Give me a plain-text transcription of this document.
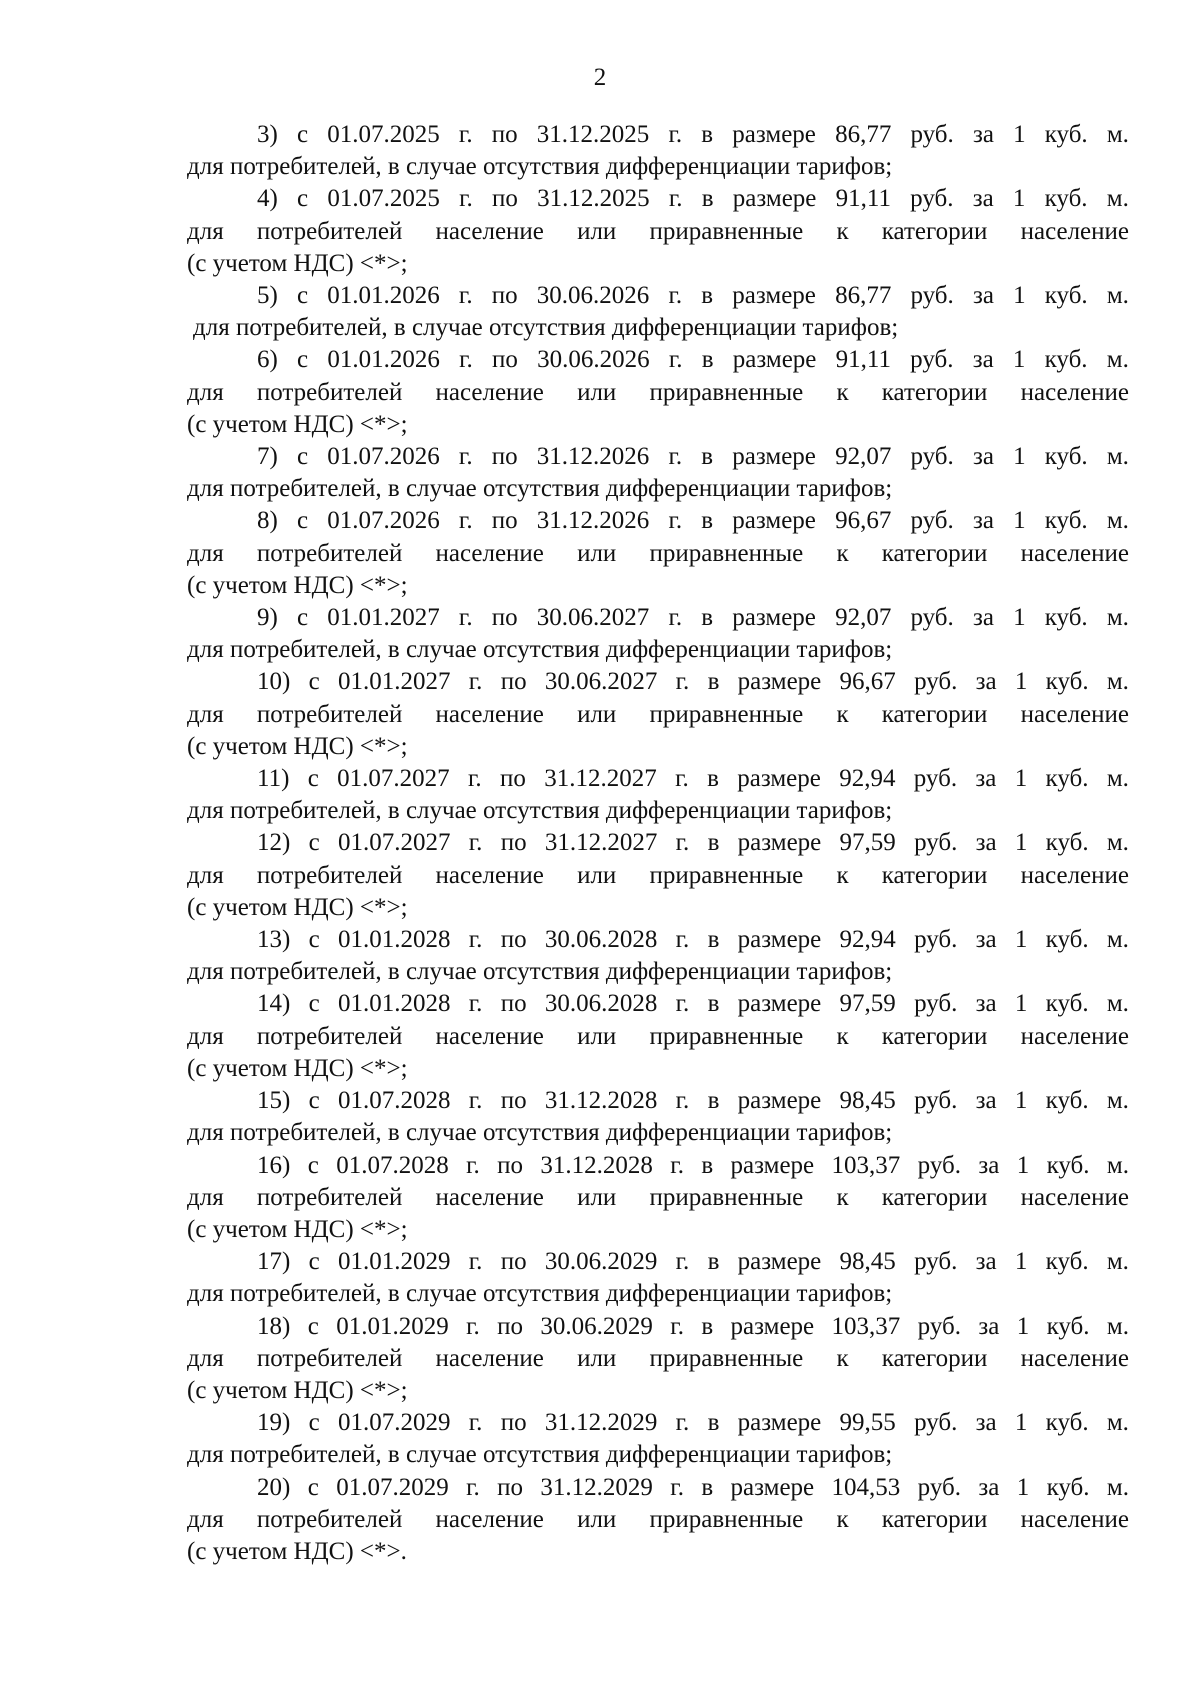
2
3) с 01.07.2025 г. по 31.12.2025 г. в размере 86,77 руб. за 1 куб. м.
для потребителей, в случае отсутствия дифференциации тарифов;
4) с 01.07.2025 г. по 31.12.2025 г. в размере 91,11 руб. за 1 куб. м.
для потребителей население или приравненные к категории население
(с учетом НДС) <*>;
5) с 01.01.2026 г. по 30.06.2026 г. в размере 86,77 руб. за 1 куб. м.
для потребителей, в случае отсутствия дифференциации тарифов;
6) с 01.01.2026 г. по 30.06.2026 г. в размере 91,11 руб. за 1 куб. м.
для потребителей население или приравненные к категории население
(с учетом НДС) <*>;
7) с 01.07.2026 г. по 31.12.2026 г. в размере 92,07 руб. за 1 куб. м.
для потребителей, в случае отсутствия дифференциации тарифов;
8) с 01.07.2026 г. по 31.12.2026 г. в размере 96,67 руб. за 1 куб. м.
для потребителей население или приравненные к категории население
(с учетом НДС) <*>;
9) с 01.01.2027 г. по 30.06.2027 г. в размере 92,07 руб. за 1 куб. м.
для потребителей, в случае отсутствия дифференциации тарифов;
10) с 01.01.2027 г. по 30.06.2027 г. в размере 96,67 руб. за 1 куб. м.
для потребителей население или приравненные к категории население
(с учетом НДС) <*>;
11) с 01.07.2027 г. по 31.12.2027 г. в размере 92,94 руб. за 1 куб. м.
для потребителей, в случае отсутствия дифференциации тарифов;
12) с 01.07.2027 г. по 31.12.2027 г. в размере 97,59 руб. за 1 куб. м.
для потребителей население или приравненные к категории население
(с учетом НДС) <*>;
13) с 01.01.2028 г. по 30.06.2028 г. в размере 92,94 руб. за 1 куб. м.
для потребителей, в случае отсутствия дифференциации тарифов;
14) с 01.01.2028 г. по 30.06.2028 г. в размере 97,59 руб. за 1 куб. м.
для потребителей население или приравненные к категории население
(с учетом НДС) <*>;
15) с 01.07.2028 г. по 31.12.2028 г. в размере 98,45 руб. за 1 куб. м.
для потребителей, в случае отсутствия дифференциации тарифов;
16) с 01.07.2028 г. по 31.12.2028 г. в размере 103,37 руб. за 1 куб. м.
для потребителей население или приравненные к категории население
(с учетом НДС) <*>;
17) с 01.01.2029 г. по 30.06.2029 г. в размере 98,45 руб. за 1 куб. м.
для потребителей, в случае отсутствия дифференциации тарифов;
18) с 01.01.2029 г. по 30.06.2029 г. в размере 103,37 руб. за 1 куб. м.
для потребителей население или приравненные к категории население
(с учетом НДС) <*>;
19) с 01.07.2029 г. по 31.12.2029 г. в размере 99,55 руб. за 1 куб. м.
для потребителей, в случае отсутствия дифференциации тарифов;
20) с 01.07.2029 г. по 31.12.2029 г. в размере 104,53 руб. за 1 куб. м.
для потребителей население или приравненные к категории население
(с учетом НДС) <*>.
